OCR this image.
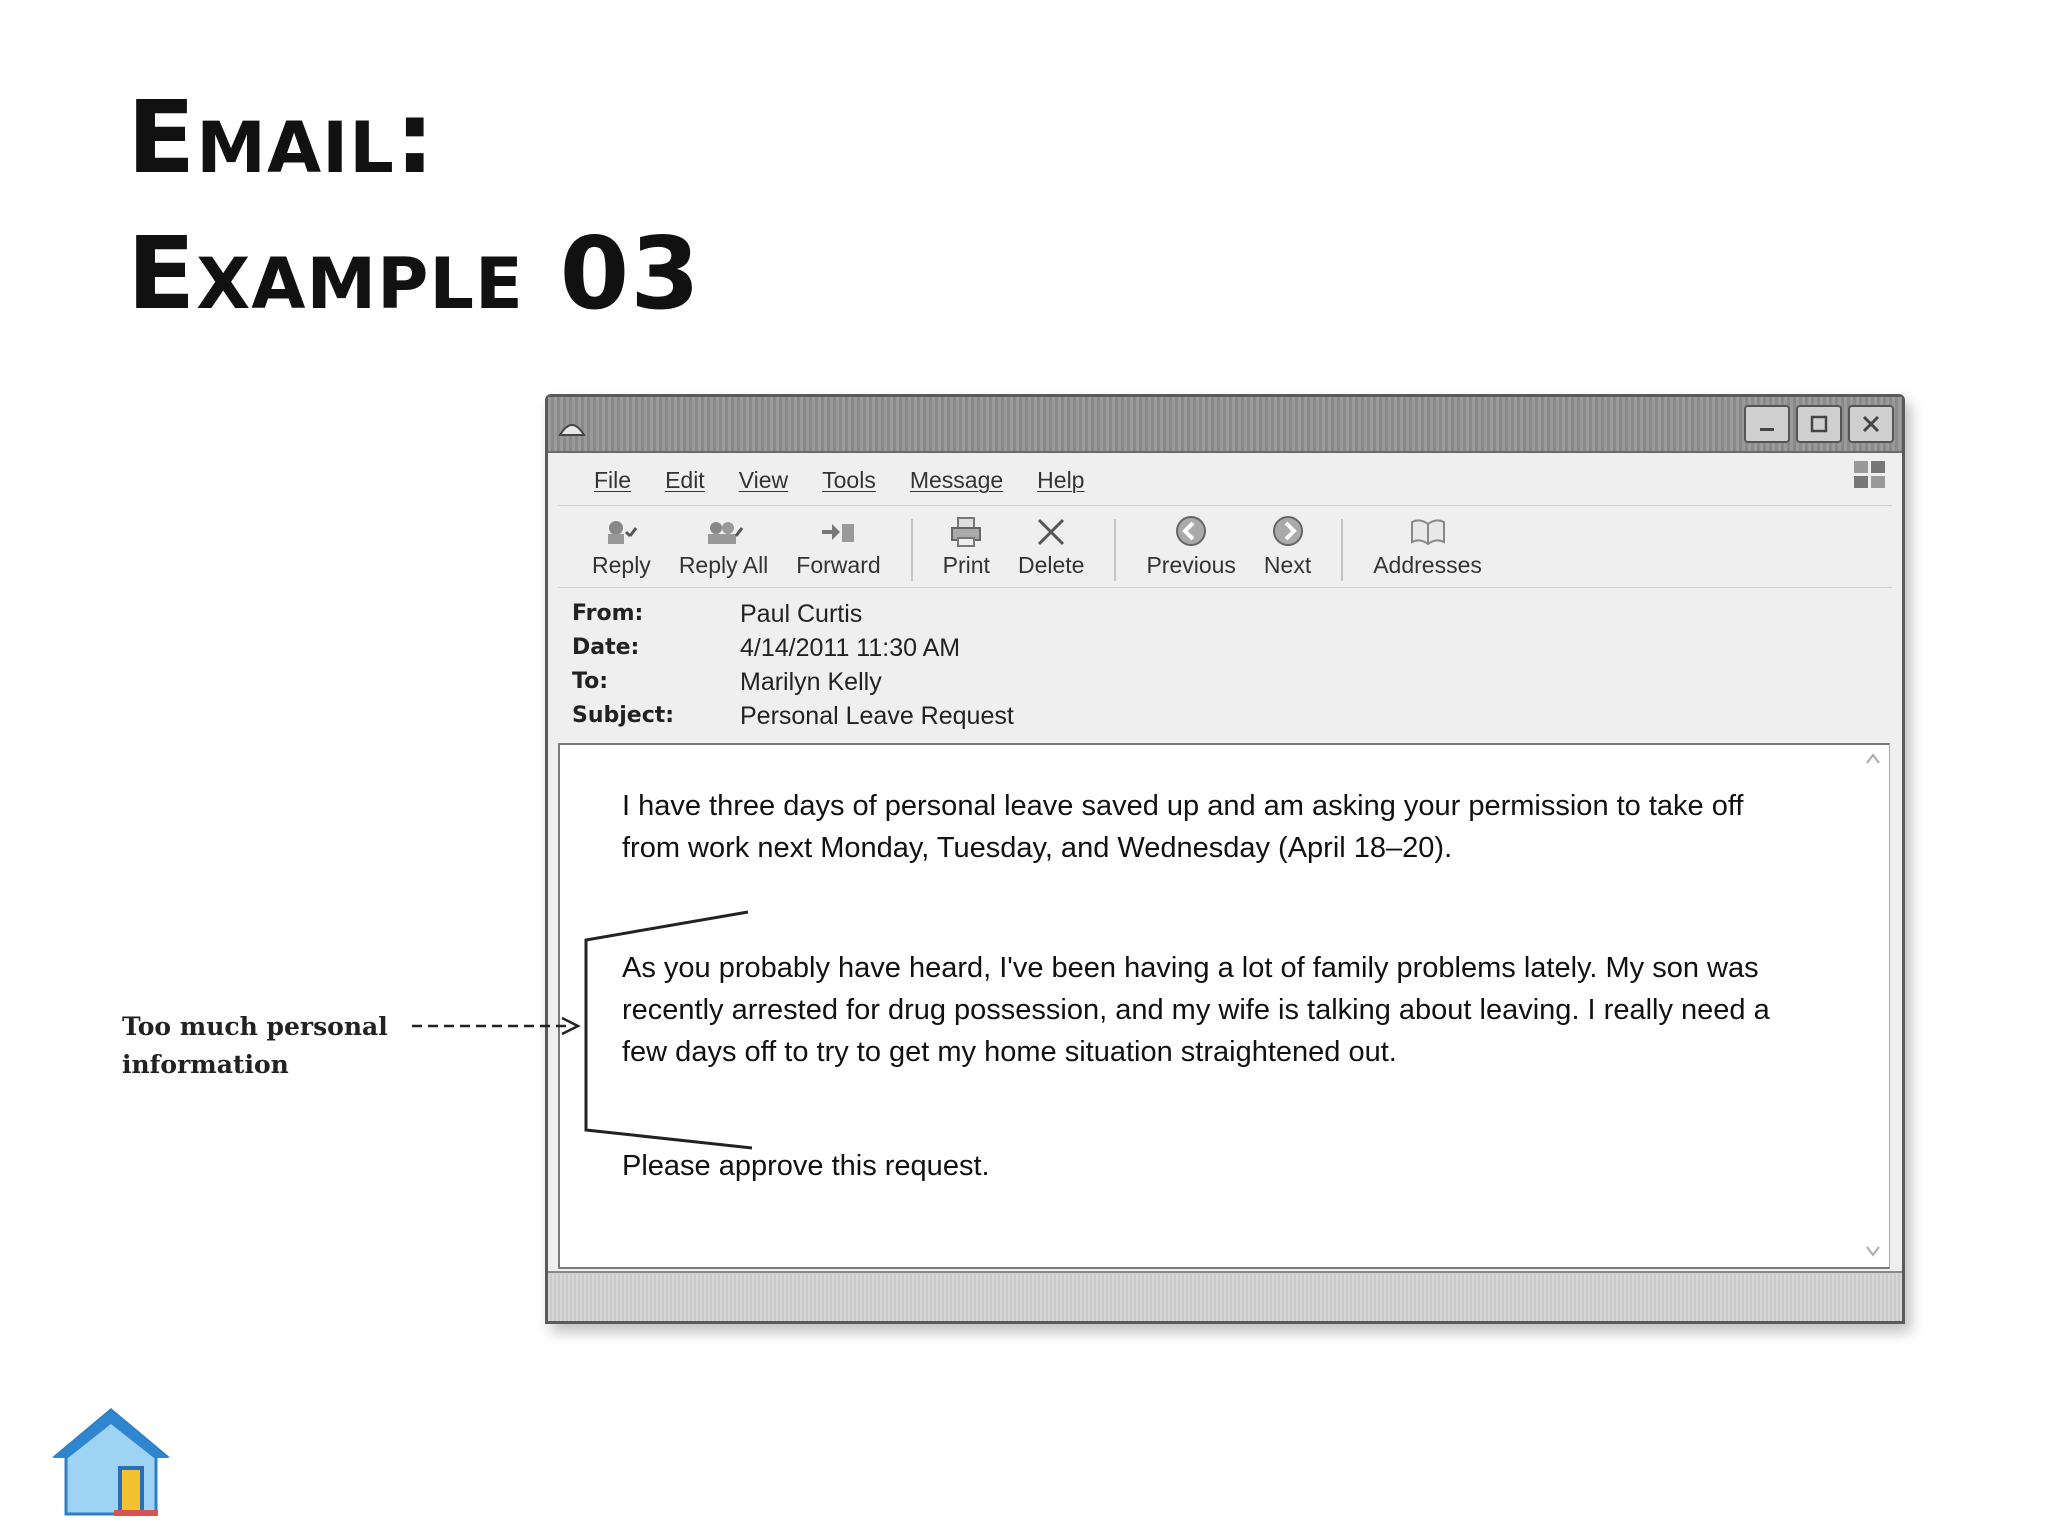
Email:
Example 03
File Edit View Tools Message Help
Reply Reply All Forward	Print Delete	Previous Next	Addresses
From:	Paul Curtis
Date:	4/14/2011 11:30 AM
To:	Marilyn Kelly
Subject:	Personal Leave Request

I have three days of personal leave saved up and am asking your permission to take off from work next Monday, Tuesday, and Wednesday (April 18–20).

As you probably have heard, I've been having a lot of family problems lately. My son was recently arrested for drug possession, and my wife is talking about leaving. I really need a few days off to try to get my home situation straightened out.

Please approve this request.

Too much personal information
